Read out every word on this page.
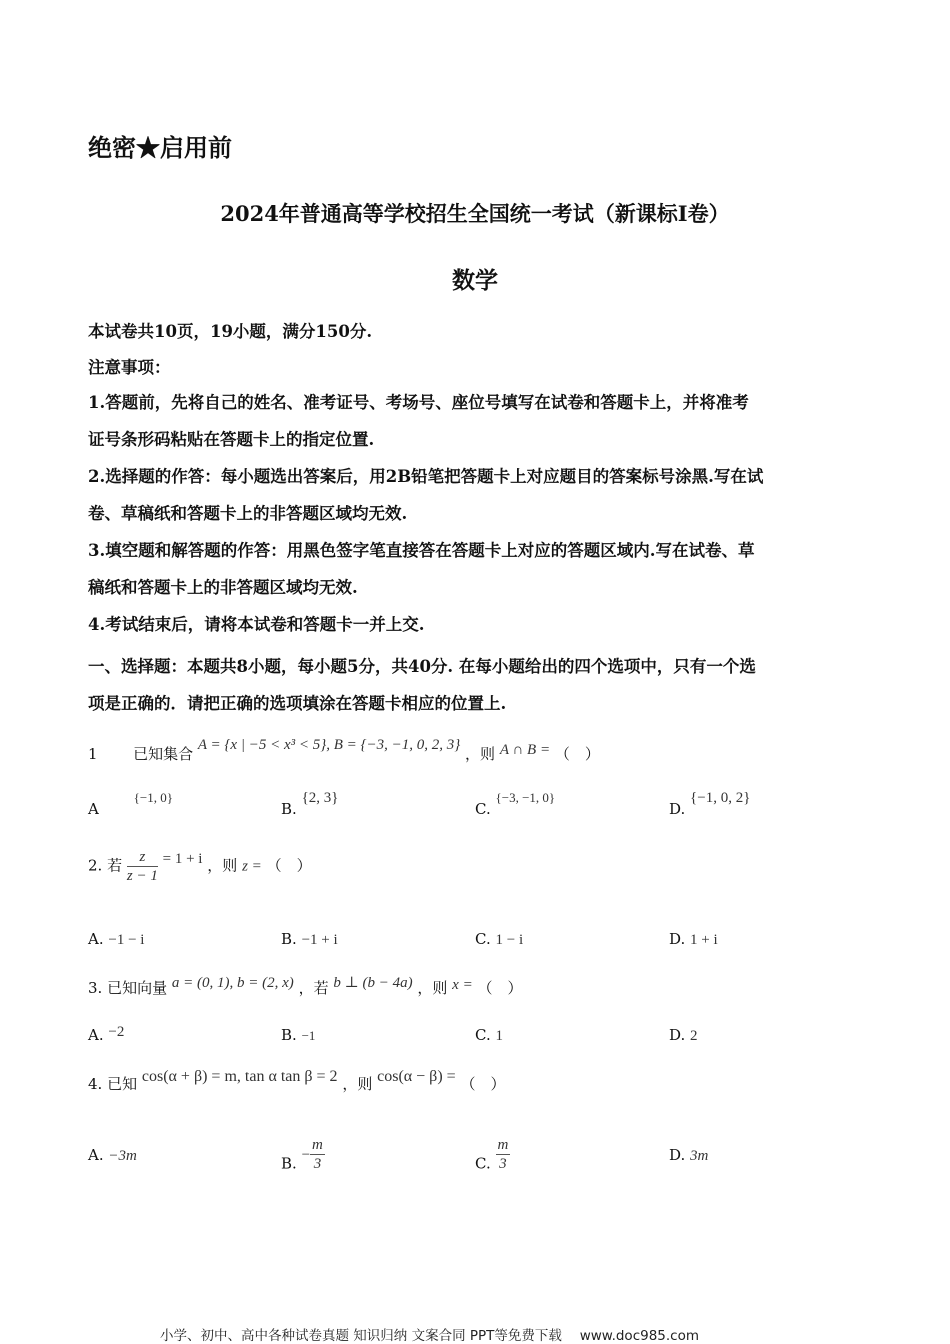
绝密★启用前
2024年普通高等学校招生全国统一考试（新课标I卷）
数学
本试卷共10页，19小题，满分150分.
注意事项：
1.答题前，先将自己的姓名、准考证号、考场号、座位号填写在试卷和答题卡上，并将准考
证号条形码粘贴在答题卡上的指定位置.
2.选择题的作答：每小题选出答案后，用2B铅笔把答题卡上对应题目的答案标号涂黑.写在试
卷、草稿纸和答题卡上的非答题区域均无效.
3.填空题和解答题的作答：用黑色签字笔直接答在答题卡上对应的答题区域内.写在试卷、草
稿纸和答题卡上的非答题区域均无效.
4.考试结束后，请将本试卷和答题卡一并上交.
一、选择题：本题共8小题，每小题5分，共40分. 在每小题给出的四个选项中，只有一个选
项是正确的．请把正确的选项填涂在答题卡相应的位置上.
1 已知集合 A = {x | −5 < x³ < 5}, B = {−3, −1, 0, 2, 3} ，则 A ∩ B = （　）
A {−1, 0}
B. {2, 3}
C. {−3, −1, 0}
D. {−1, 0, 2}
2. 若 $\frac{z}{z - 1} = 1 + i$ ，则 z = （　）
A. −1 − i	B. −1 + i	C. 1 − i	D. 1 + i
3. 已知向量 a = (0, 1), b = (2, x) ，若 b ⊥ (b − 4a) ，则 x = （　）
A. −2	B. −1	C. 1	D. 2
4. 已知 cos(α + β) = m, tan α tan β = 2 ，则 cos(α − β) = （　）
A. −3m	B. − $\frac{m}{3}$	C. $\frac{m}{3}$	D. 3m
小学、初中、高中各种试卷真题 知识归纳 文案合同 PPT等免费下载　 www.doc985.com
